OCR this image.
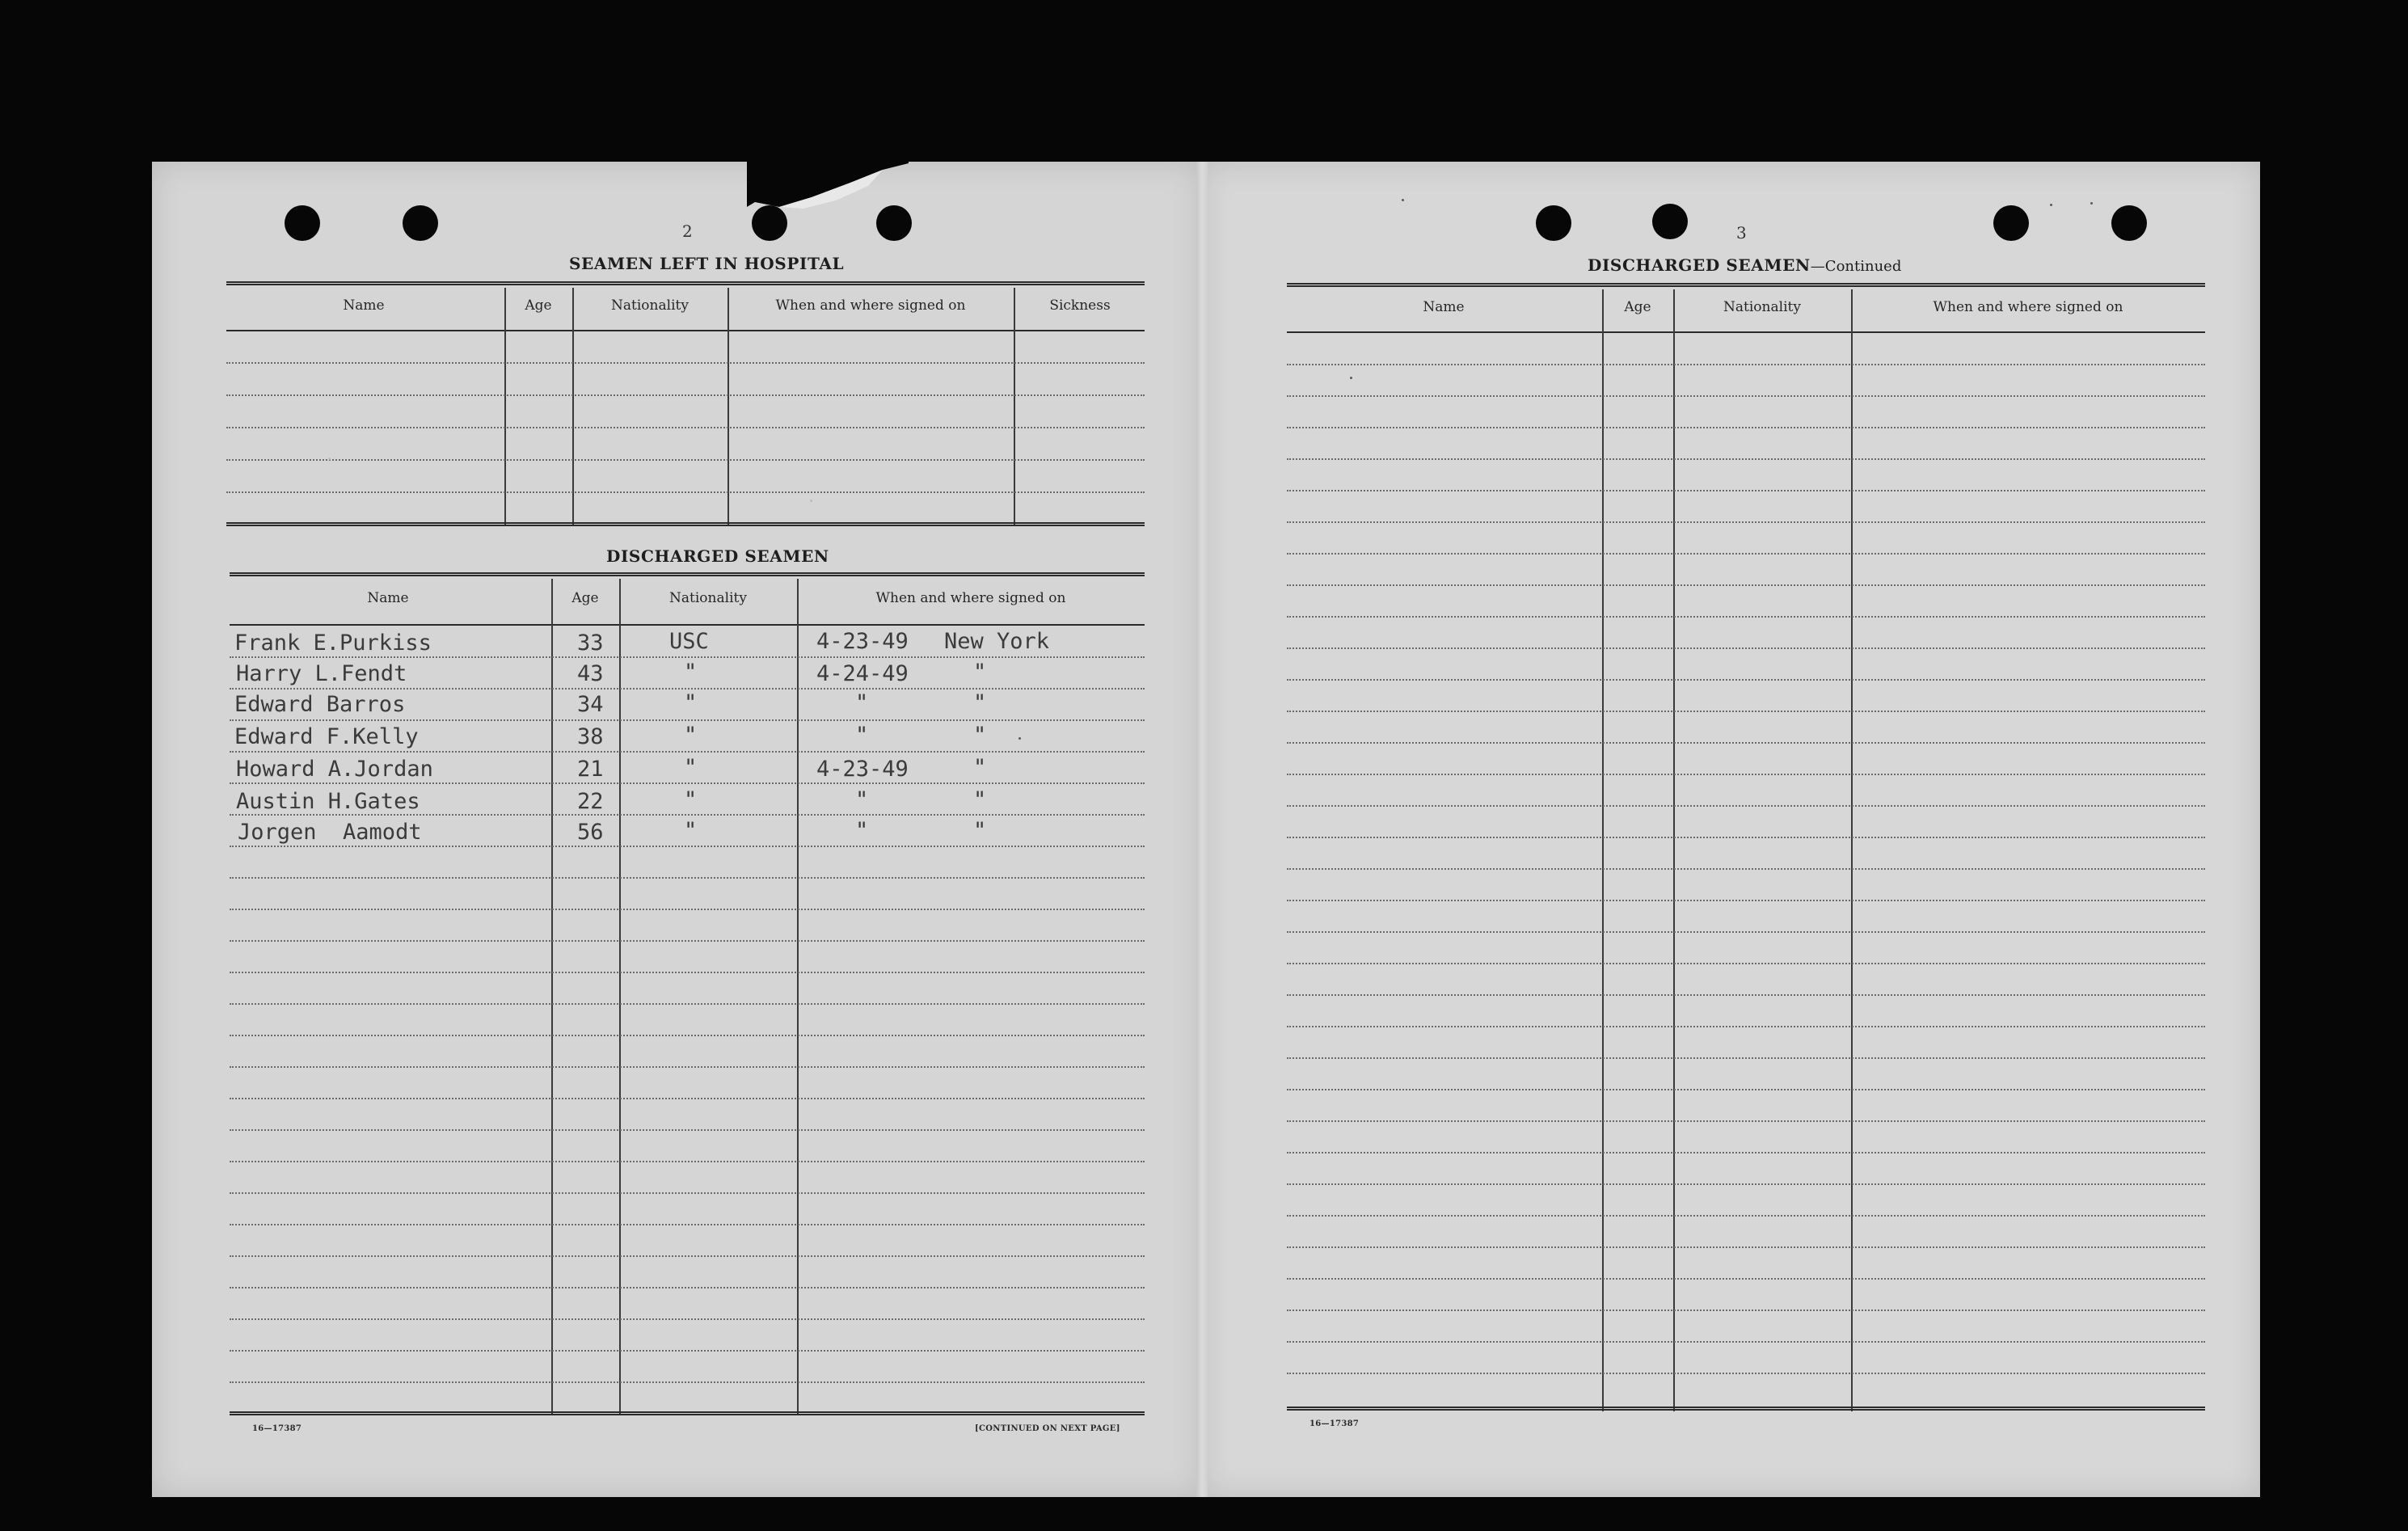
2
SEAMEN LEFT IN HOSPITAL
Name	Age	Nationality	When and where signed on	Sickness
DISCHARGED SEAMEN
Name	Age	Nationality	When and where signed on
Frank E.Purkiss	33	USC	4-23-49 New York
Harry L.Fendt	43	"	4-24-49	"
Edward Barros	34	"	"	"
Edward F.Kelly	38	"	"	"
Howard A.Jordan	21	"	4-23-49	"
Austin H.Gates	22	"	"	"
Jorgen  Aamodt	56	"	"	"
16—17387	[CONTINUED ON NEXT PAGE]
3
DISCHARGED SEAMEN—Continued
Name	Age	Nationality	When and where signed on
16—17387
